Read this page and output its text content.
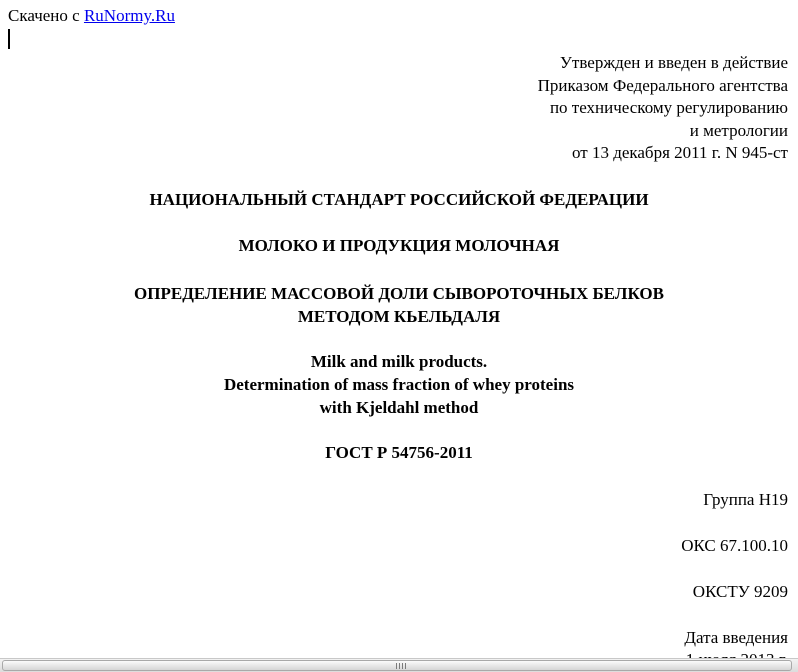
Скачено с RuNormy.Ru
Утвержден и введен в действие
Приказом Федерального агентства
по техническому регулированию
и метрологии
от 13 декабря 2011 г. N 945-ст
НАЦИОНАЛЬНЫЙ СТАНДАРТ РОССИЙСКОЙ ФЕДЕРАЦИИ
МОЛОКО И ПРОДУКЦИЯ МОЛОЧНАЯ
ОПРЕДЕЛЕНИЕ МАССОВОЙ ДОЛИ СЫВОРОТОЧНЫХ БЕЛКОВ
МЕТОДОМ КЬЕЛЬДАЛЯ
Milk and milk products.
Determination of mass fraction of whey proteins
with Kjeldahl method
ГОСТ Р 54756-2011
Группа Н19
ОКС 67.100.10
ОКСТУ 9209
Дата введения
